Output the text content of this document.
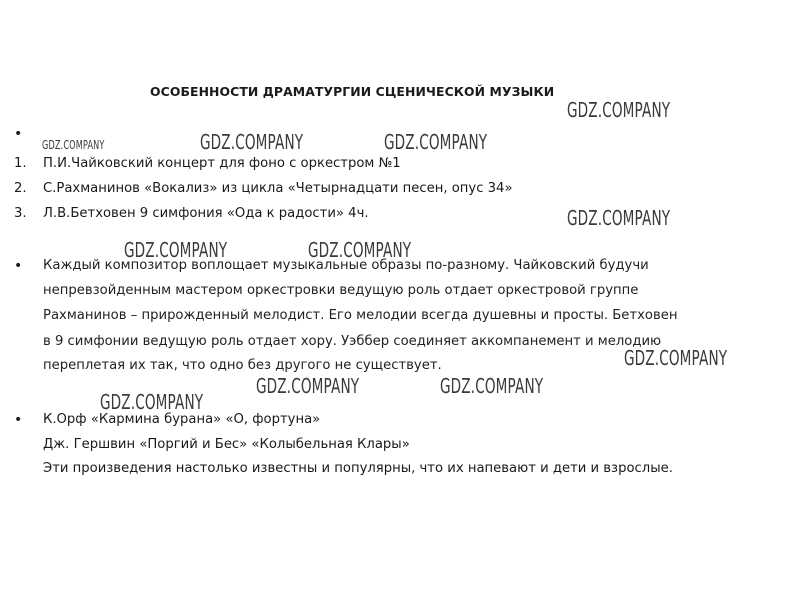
ОСОБЕННОСТИ ДРАМАТУРГИИ СЦЕНИЧЕСКОЙ МУЗЫКИ
GDZ.COMPANY
GDZ.COMPANY	GDZ.COMPANY	GDZ.COMPANY
GDZ.COMPANY
GDZ.COMPANY	GDZ.COMPANY
GDZ.COMPANY
GDZ.COMPANY	GDZ.COMPANY
GDZ.COMPANY
•
1. П.И.Чайковский концерт для фоно с оркестром №1
2. С.Рахманинов «Вокализ» из цикла «Четырнадцати песен, опус 34»
3. Л.В.Бетховен 9 симфония «Ода к радости» 4ч.
• Каждый композитор воплощает музыкальные образы по-разному. Чайковский будучи
непревзойденным мастером оркестровки ведущую роль отдает оркестровой группе
Рахманинов – прирожденный мелодист. Его мелодии всегда душевны и просты. Бетховен
в 9 симфонии ведущую роль отдает хору. Уэббер соединяет аккомпанемент и мелодию
переплетая их так, что одно без другого не существует.
• К.Орф «Кармина бурана» «О, фортуна»
Дж. Гершвин «Поргий и Бес» «Колыбельная Клары»
Эти произведения настолько известны и популярны, что их напевают и дети и взрослые.
